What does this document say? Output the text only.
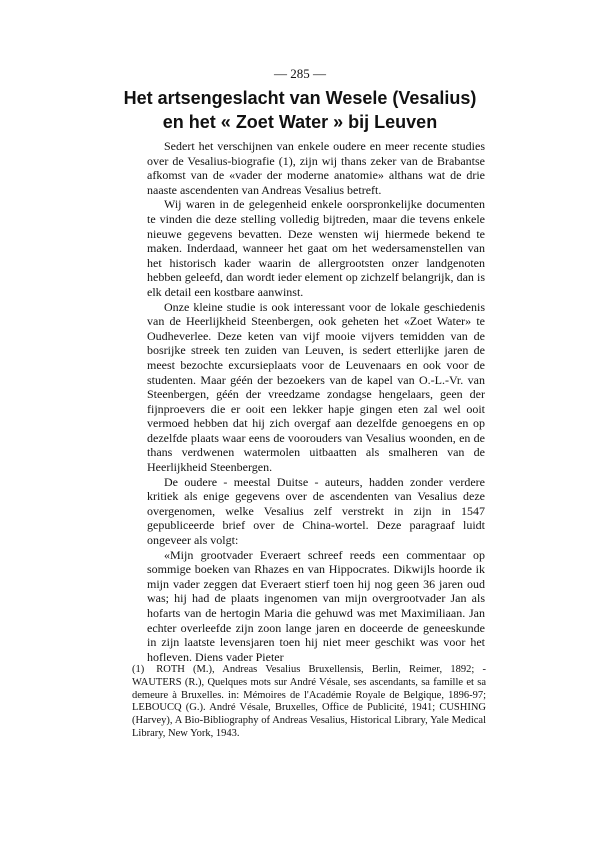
— 285 —
Het artsengeslacht van Wesele (Vesalius)
en het « Zoet Water » bij Leuven

Sedert het verschijnen van enkele oudere en meer recente studies over de Vesalius-biografie (1), zijn wij thans zeker van de Brabantse afkomst van de «vader der moderne anatomie» althans wat de drie naaste ascendenten van Andreas Vesalius betreft.

Wij waren in de gelegenheid enkele oorspronkelijke documenten te vinden die deze stelling volledig bijtreden, maar die tevens enkele nieuwe gegevens bevatten. Deze wensten wij hiermede bekend te maken. Inderdaad, wanneer het gaat om het wedersamenstellen van het historisch kader waarin de allergrootsten onzer landgenoten hebben geleefd, dan wordt ieder element op zichzelf belangrijk, dan is elk detail een kostbare aanwinst.

Onze kleine studie is ook interessant voor de lokale geschiedenis van de Heerlijkheid Steenbergen, ook geheten het «Zoet Water» te Oudheverlee. Deze keten van vijf mooie vijvers temidden van de bosrijke streek ten zuiden van Leuven, is sedert etterlijke jaren de meest bezochte excursieplaats voor de Leuvenaars en ook voor de studenten. Maar géén der bezoekers van de kapel van O.-L.-Vr. van Steenbergen, géén der vreedzame zondagse hengelaars, geen der fijnproevers die er ooit een lekker hapje gingen eten zal wel ooit vermoed hebben dat hij zich overgaf aan dezelfde genoegens en op dezelfde plaats waar eens de voorouders van Vesalius woonden, en de thans verdwenen watermolen uitbaatten als smalheren van de Heerlijkheid Steenbergen.

De oudere - meestal Duitse - auteurs, hadden zonder verdere kritiek als enige gegevens over de ascendenten van Vesalius deze overgenomen, welke Vesalius zelf verstrekt in zijn in 1547 gepubliceerde brief over de China-wortel. Deze paragraaf luidt ongeveer als volgt:

«Mijn grootvader Everaert schreef reeds een commentaar op sommige boeken van Rhazes en van Hippocrates. Dikwijls hoorde ik mijn vader zeggen dat Everaert stierf toen hij nog geen 36 jaren oud was; hij had de plaats ingenomen van mijn overgrootvader Jan als hofarts van de hertogin Maria die gehuwd was met Maximiliaan. Jan echter overleefde zijn zoon lange jaren en doceerde de geneeskunde in zijn laatste levensjaren toen hij niet meer geschikt was voor het hofleven. Diens vader Pieter

(1) ROTH (M.), Andreas Vesalius Bruxellensis, Berlin, Reimer, 1892; - WAUTERS (R.), Quelques mots sur André Vésale, ses ascendants, sa famille et sa demeure à Bruxelles. in: Mémoires de l'Académie Royale de Belgique, 1896-97; LEBOUCQ (G.). André Vésale, Bruxelles, Office de Publicité, 1941; CUSHING (Harvey), A Bio-Bibliography of Andreas Vesalius, Historical Library, Yale Medical Library, New York, 1943.
